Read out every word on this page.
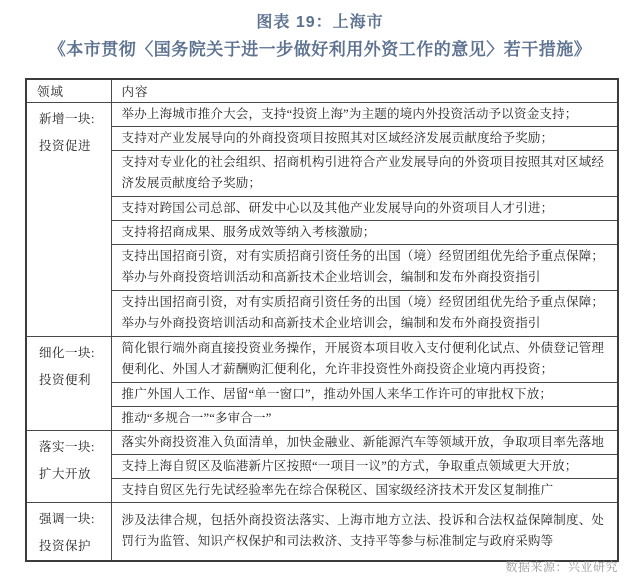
图表 19：上海市
《本市贯彻〈国务院关于进一步做好利用外资工作的意见〉若干措施》
领域	内容

新增一块:
投资促进	举办上海城市推介大会，支持“投资上海”为主题的境内外投资活动予以资金支持；
	支持对产业发展导向的外商投资项目按照其对区域经济发展贡献度给予奖励；
	支持对专业化的社会组织、招商机构引进符合产业发展导向的外资项目按照其对区域经济发展贡献度给予奖励；
	支持对跨国公司总部、研发中心以及其他产业发展导向的外资项目人才引进；
	支持将招商成果、服务成效等纳入考核激励；
	支持出国招商引资，对有实质招商引资任务的出国（境）经贸团组优先给予重点保障；举办与外商投资培训活动和高新技术企业培训会，编制和发布外商投资指引
	支持出国招商引资，对有实质招商引资任务的出国（境）经贸团组优先给予重点保障；举办与外商投资培训活动和高新技术企业培训会，编制和发布外商投资指引

细化一块:
投资便利	简化银行端外商直接投资业务操作，开展资本项目收入支付便利化试点、外债登记管理便利化、外国人才薪酬购汇便利化，允许非投资性外商投资企业境内再投资；
	推广外国人工作、居留“单一窗口”，推动外国人来华工作许可的审批权下放；
	推动“多规合一”“多审合一”

落实一块:
扩大开放	落实外商投资准入负面清单，加快金融业、新能源汽车等领域开放，争取项目率先落地
	支持上海自贸区及临港新片区按照“一项目一议”的方式，争取重点领域更大开放；
	支持自贸区先行先试经验率先在综合保税区、国家级经济技术开发区复制推广

强调一块:
投资保护	涉及法律合规，包括外商投资法落实、上海市地方立法、投诉和合法权益保障制度、处罚行为监管、知识产权保护和司法救济、支持平等参与标准制定与政府采购等
数据来源：兴业研究
